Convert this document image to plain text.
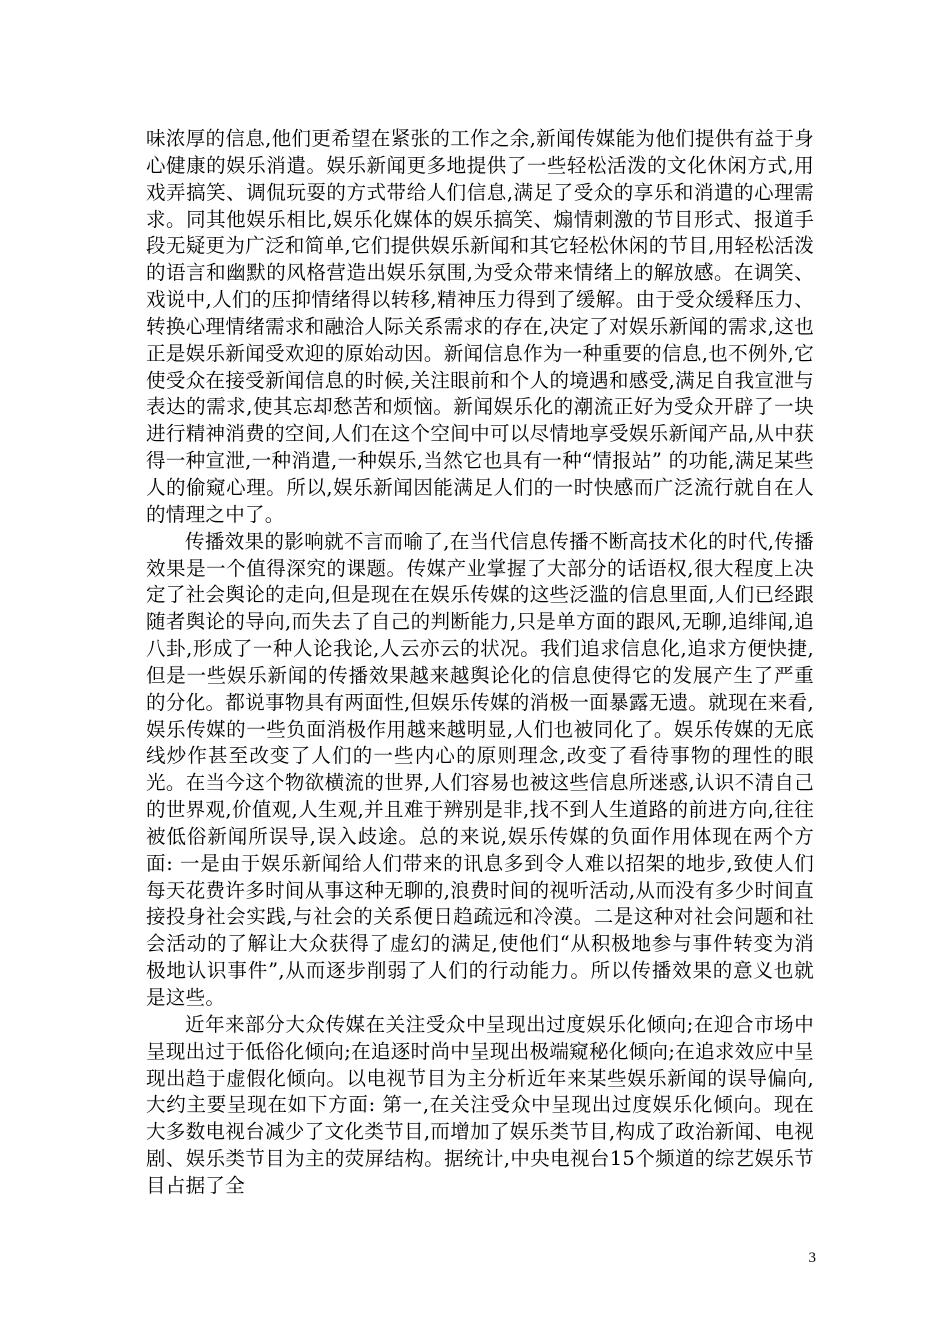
味浓厚的信息,他们更希望在紧张的工作之余,新闻传媒能为他们提供有益于身心健康的娱乐消遣。娱乐新闻更多地提供了一些轻松活泼的文化休闲方式,用戏弄搞笑、调侃玩耍的方式带给人们信息,满足了受众的享乐和消遣的心理需求。同其他娱乐相比,娱乐化媒体的娱乐搞笑、煽情刺激的节目形式、报道手段无疑更为广泛和简单,它们提供娱乐新闻和其它轻松休闲的节目,用轻松活泼的语言和幽默的风格营造出娱乐氛围,为受众带来情绪上的解放感。在调笑、戏说中,人们的压抑情绪得以转移,精神压力得到了缓解。由于受众缓释压力、转换心理情绪需求和融洽人际关系需求的存在,决定了对娱乐新闻的需求,这也正是娱乐新闻受欢迎的原始动因。新闻信息作为一种重要的信息,也不例外,它使受众在接受新闻信息的时候,关注眼前和个人的境遇和感受,满足自我宣泄与表达的需求,使其忘却愁苦和烦恼。新闻娱乐化的潮流正好为受众开辟了一块进行精神消费的空间,人们在这个空间中可以尽情地享受娱乐新闻产品,从中获得一种宣泄,一种消遣,一种娱乐,当然它也具有一种“情报站” 的功能,满足某些人的偷窥心理。所以,娱乐新闻因能满足人们的一时快感而广泛流行就自在人的情理之中了。

传播效果的影响就不言而喻了,在当代信息传播不断高技术化的时代,传播效果是一个值得深究的课题。传媒产业掌握了大部分的话语权,很大程度上决定了社会舆论的走向,但是现在在娱乐传媒的这些泛滥的信息里面,人们已经跟随者舆论的导向,而失去了自己的判断能力,只是单方面的跟风,无聊,追绯闻,追八卦,形成了一种人论我论,人云亦云的状况。我们追求信息化,追求方便快捷,但是一些娱乐新闻的传播效果越来越舆论化的信息使得它的发展产生了严重的分化。都说事物具有两面性,但娱乐传媒的消极一面暴露无遗。就现在来看,娱乐传媒的一些负面消极作用越来越明显,人们也被同化了。娱乐传媒的无底线炒作甚至改变了人们的一些内心的原则理念,改变了看待事物的理性的眼光。在当今这个物欲横流的世界,人们容易也被这些信息所迷惑,认识不清自己的世界观,价值观,人生观,并且难于辨别是非,找不到人生道路的前进方向,往往被低俗新闻所误导,误入歧途。总的来说,娱乐传媒的负面作用体现在两个方面: 一是由于娱乐新闻给人们带来的讯息多到令人难以招架的地步,致使人们每天花费许多时间从事这种无聊的,浪费时间的视听活动,从而没有多少时间直接投身社会实践,与社会的关系便日趋疏远和冷漠。二是这种对社会问题和社会活动的了解让大众获得了虚幻的满足,使他们“从积极地参与事件转变为消极地认识事件”,从而逐步削弱了人们的行动能力。所以传播效果的意义也就是这些。

近年来部分大众传媒在关注受众中呈现出过度娱乐化倾向;在迎合市场中呈现出过于低俗化倾向;在追逐时尚中呈现出极端窥秘化倾向;在追求效应中呈现出趋于虚假化倾向。以电视节目为主分析近年来某些娱乐新闻的误导偏向,大约主要呈现在如下方面: 第一,在关注受众中呈现出过度娱乐化倾向。现在大多数电视台减少了文化类节目,而增加了娱乐类节目,构成了政治新闻、电视剧、娱乐类节目为主的荧屏结构。据统计,中央电视台15个频道的综艺娱乐节目占据了全

3
